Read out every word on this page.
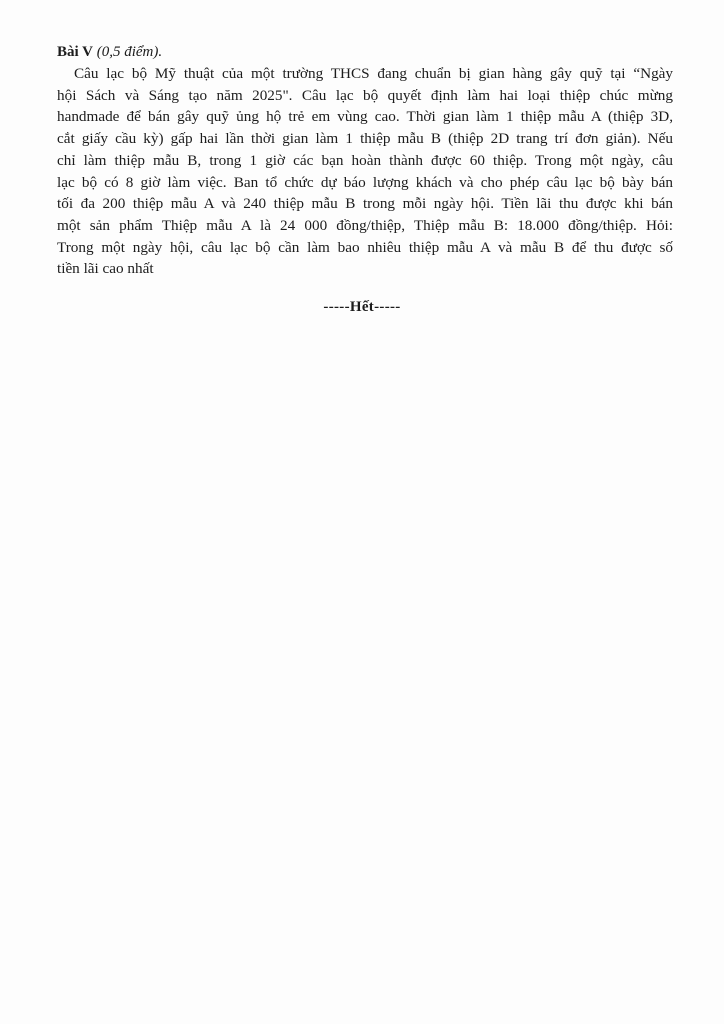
Bài V (0,5 điểm).

Câu lạc bộ Mỹ thuật của một trường THCS đang chuẩn bị gian hàng gây quỹ tại “Ngày

hội Sách và Sáng tạo năm 2025". Câu lạc bộ quyết định làm hai loại thiệp chúc mừng

handmade để bán gây quỹ ủng hộ trẻ em vùng cao. Thời gian làm 1 thiệp mẫu A (thiệp 3D,

cắt giấy cầu kỳ) gấp hai lần thời gian làm 1 thiệp mẫu B (thiệp 2D trang trí đơn giản). Nếu

chỉ làm thiệp mẫu B, trong 1 giờ các bạn hoàn thành được 60 thiệp. Trong một ngày, câu

lạc bộ có 8 giờ làm việc. Ban tổ chức dự báo lượng khách và cho phép câu lạc bộ bày bán

tối đa 200 thiệp mẫu A và 240 thiệp mẫu B trong mỗi ngày hội. Tiền lãi thu được khi bán

một sản phẩm Thiệp mẫu A là 24 000 đồng/thiệp, Thiệp mẫu B: 18.000 đồng/thiệp. Hỏi:

Trong một ngày hội, câu lạc bộ cần làm bao nhiêu thiệp mẫu A và mẫu B để thu được số

tiền lãi cao nhất

-----Hết-----
